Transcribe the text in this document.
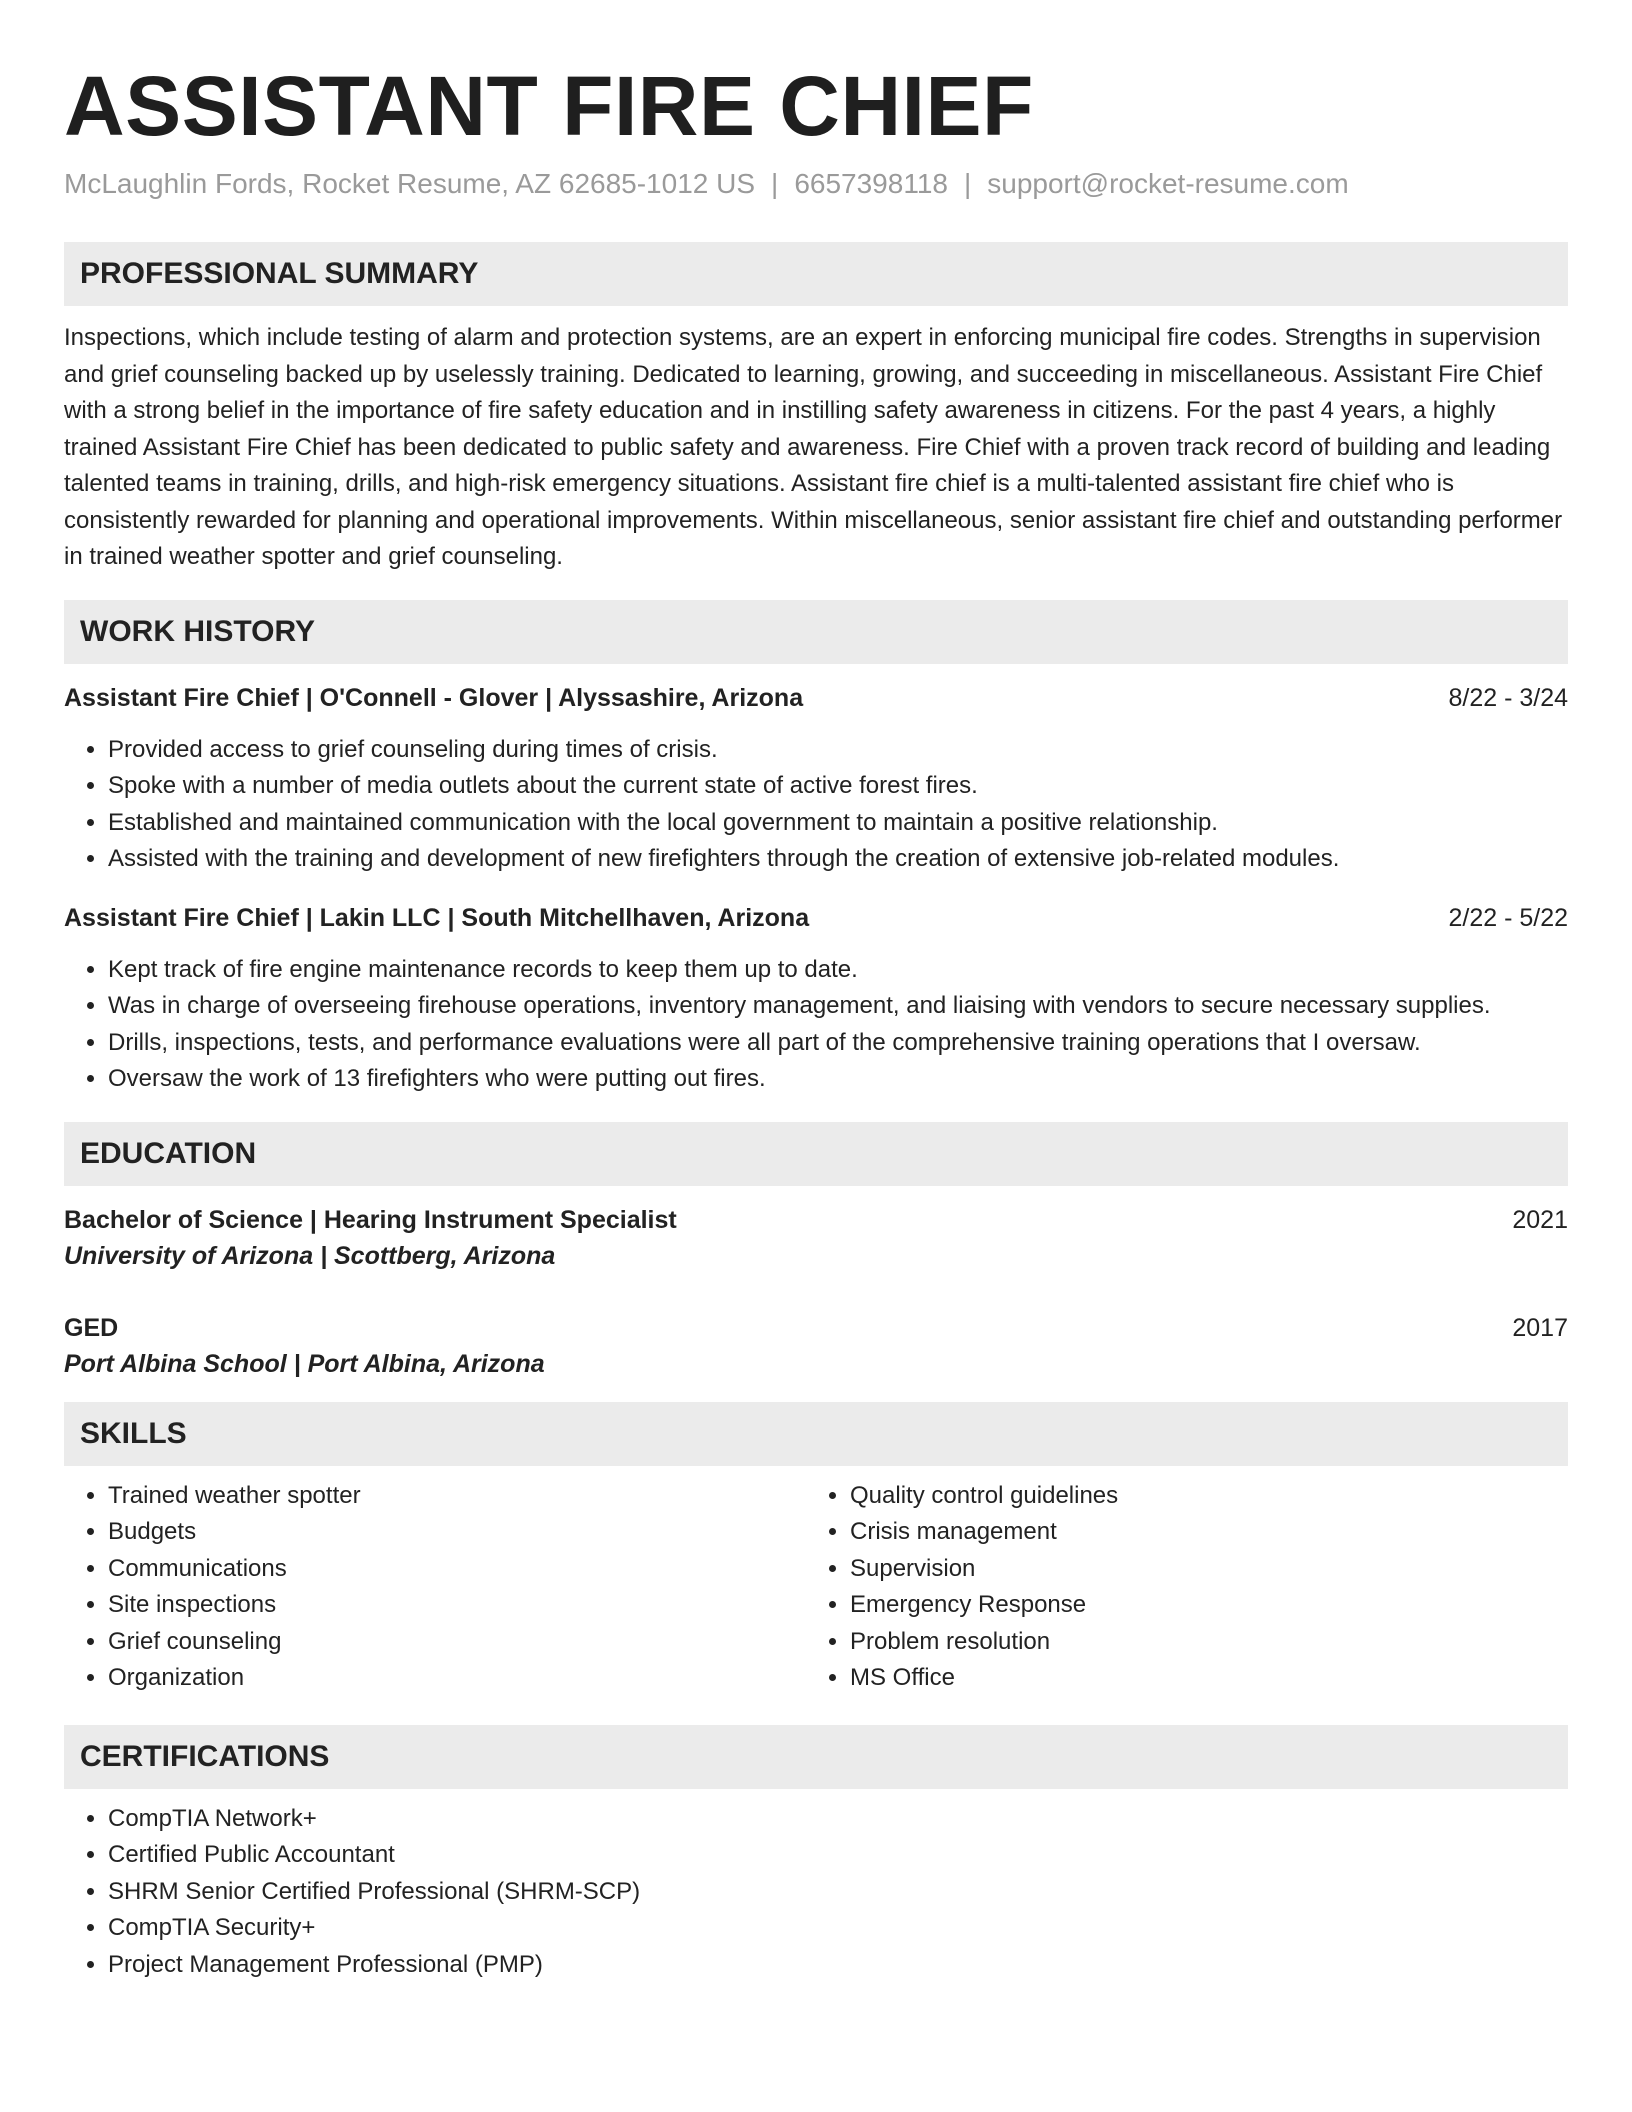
ASSISTANT FIRE CHIEF
McLaughlin Fords, Rocket Resume, AZ 62685-1012 US | 6657398118 | support@rocket-resume.com
PROFESSIONAL SUMMARY
Inspections, which include testing of alarm and protection systems, are an expert in enforcing municipal fire codes. Strengths in supervision and grief counseling backed up by uselessly training. Dedicated to learning, growing, and succeeding in miscellaneous. Assistant Fire Chief with a strong belief in the importance of fire safety education and in instilling safety awareness in citizens. For the past 4 years, a highly trained Assistant Fire Chief has been dedicated to public safety and awareness. Fire Chief with a proven track record of building and leading talented teams in training, drills, and high-risk emergency situations. Assistant fire chief is a multi-talented assistant fire chief who is consistently rewarded for planning and operational improvements. Within miscellaneous, senior assistant fire chief and outstanding performer in trained weather spotter and grief counseling.
WORK HISTORY
Assistant Fire Chief | O'Connell - Glover | Alyssashire, Arizona	8/22 - 3/24
• Provided access to grief counseling during times of crisis.
• Spoke with a number of media outlets about the current state of active forest fires.
• Established and maintained communication with the local government to maintain a positive relationship.
• Assisted with the training and development of new firefighters through the creation of extensive job-related modules.
Assistant Fire Chief | Lakin LLC | South Mitchellhaven, Arizona	2/22 - 5/22
• Kept track of fire engine maintenance records to keep them up to date.
• Was in charge of overseeing firehouse operations, inventory management, and liaising with vendors to secure necessary supplies.
• Drills, inspections, tests, and performance evaluations were all part of the comprehensive training operations that I oversaw.
• Oversaw the work of 13 firefighters who were putting out fires.
EDUCATION
Bachelor of Science | Hearing Instrument Specialist	2021
University of Arizona | Scottberg, Arizona
GED	2017
Port Albina School | Port Albina, Arizona
SKILLS
• Trained weather spotter
• Budgets
• Communications
• Site inspections
• Grief counseling
• Organization
• Quality control guidelines
• Crisis management
• Supervision
• Emergency Response
• Problem resolution
• MS Office
CERTIFICATIONS
• CompTIA Network+
• Certified Public Accountant
• SHRM Senior Certified Professional (SHRM-SCP)
• CompTIA Security+
• Project Management Professional (PMP)
